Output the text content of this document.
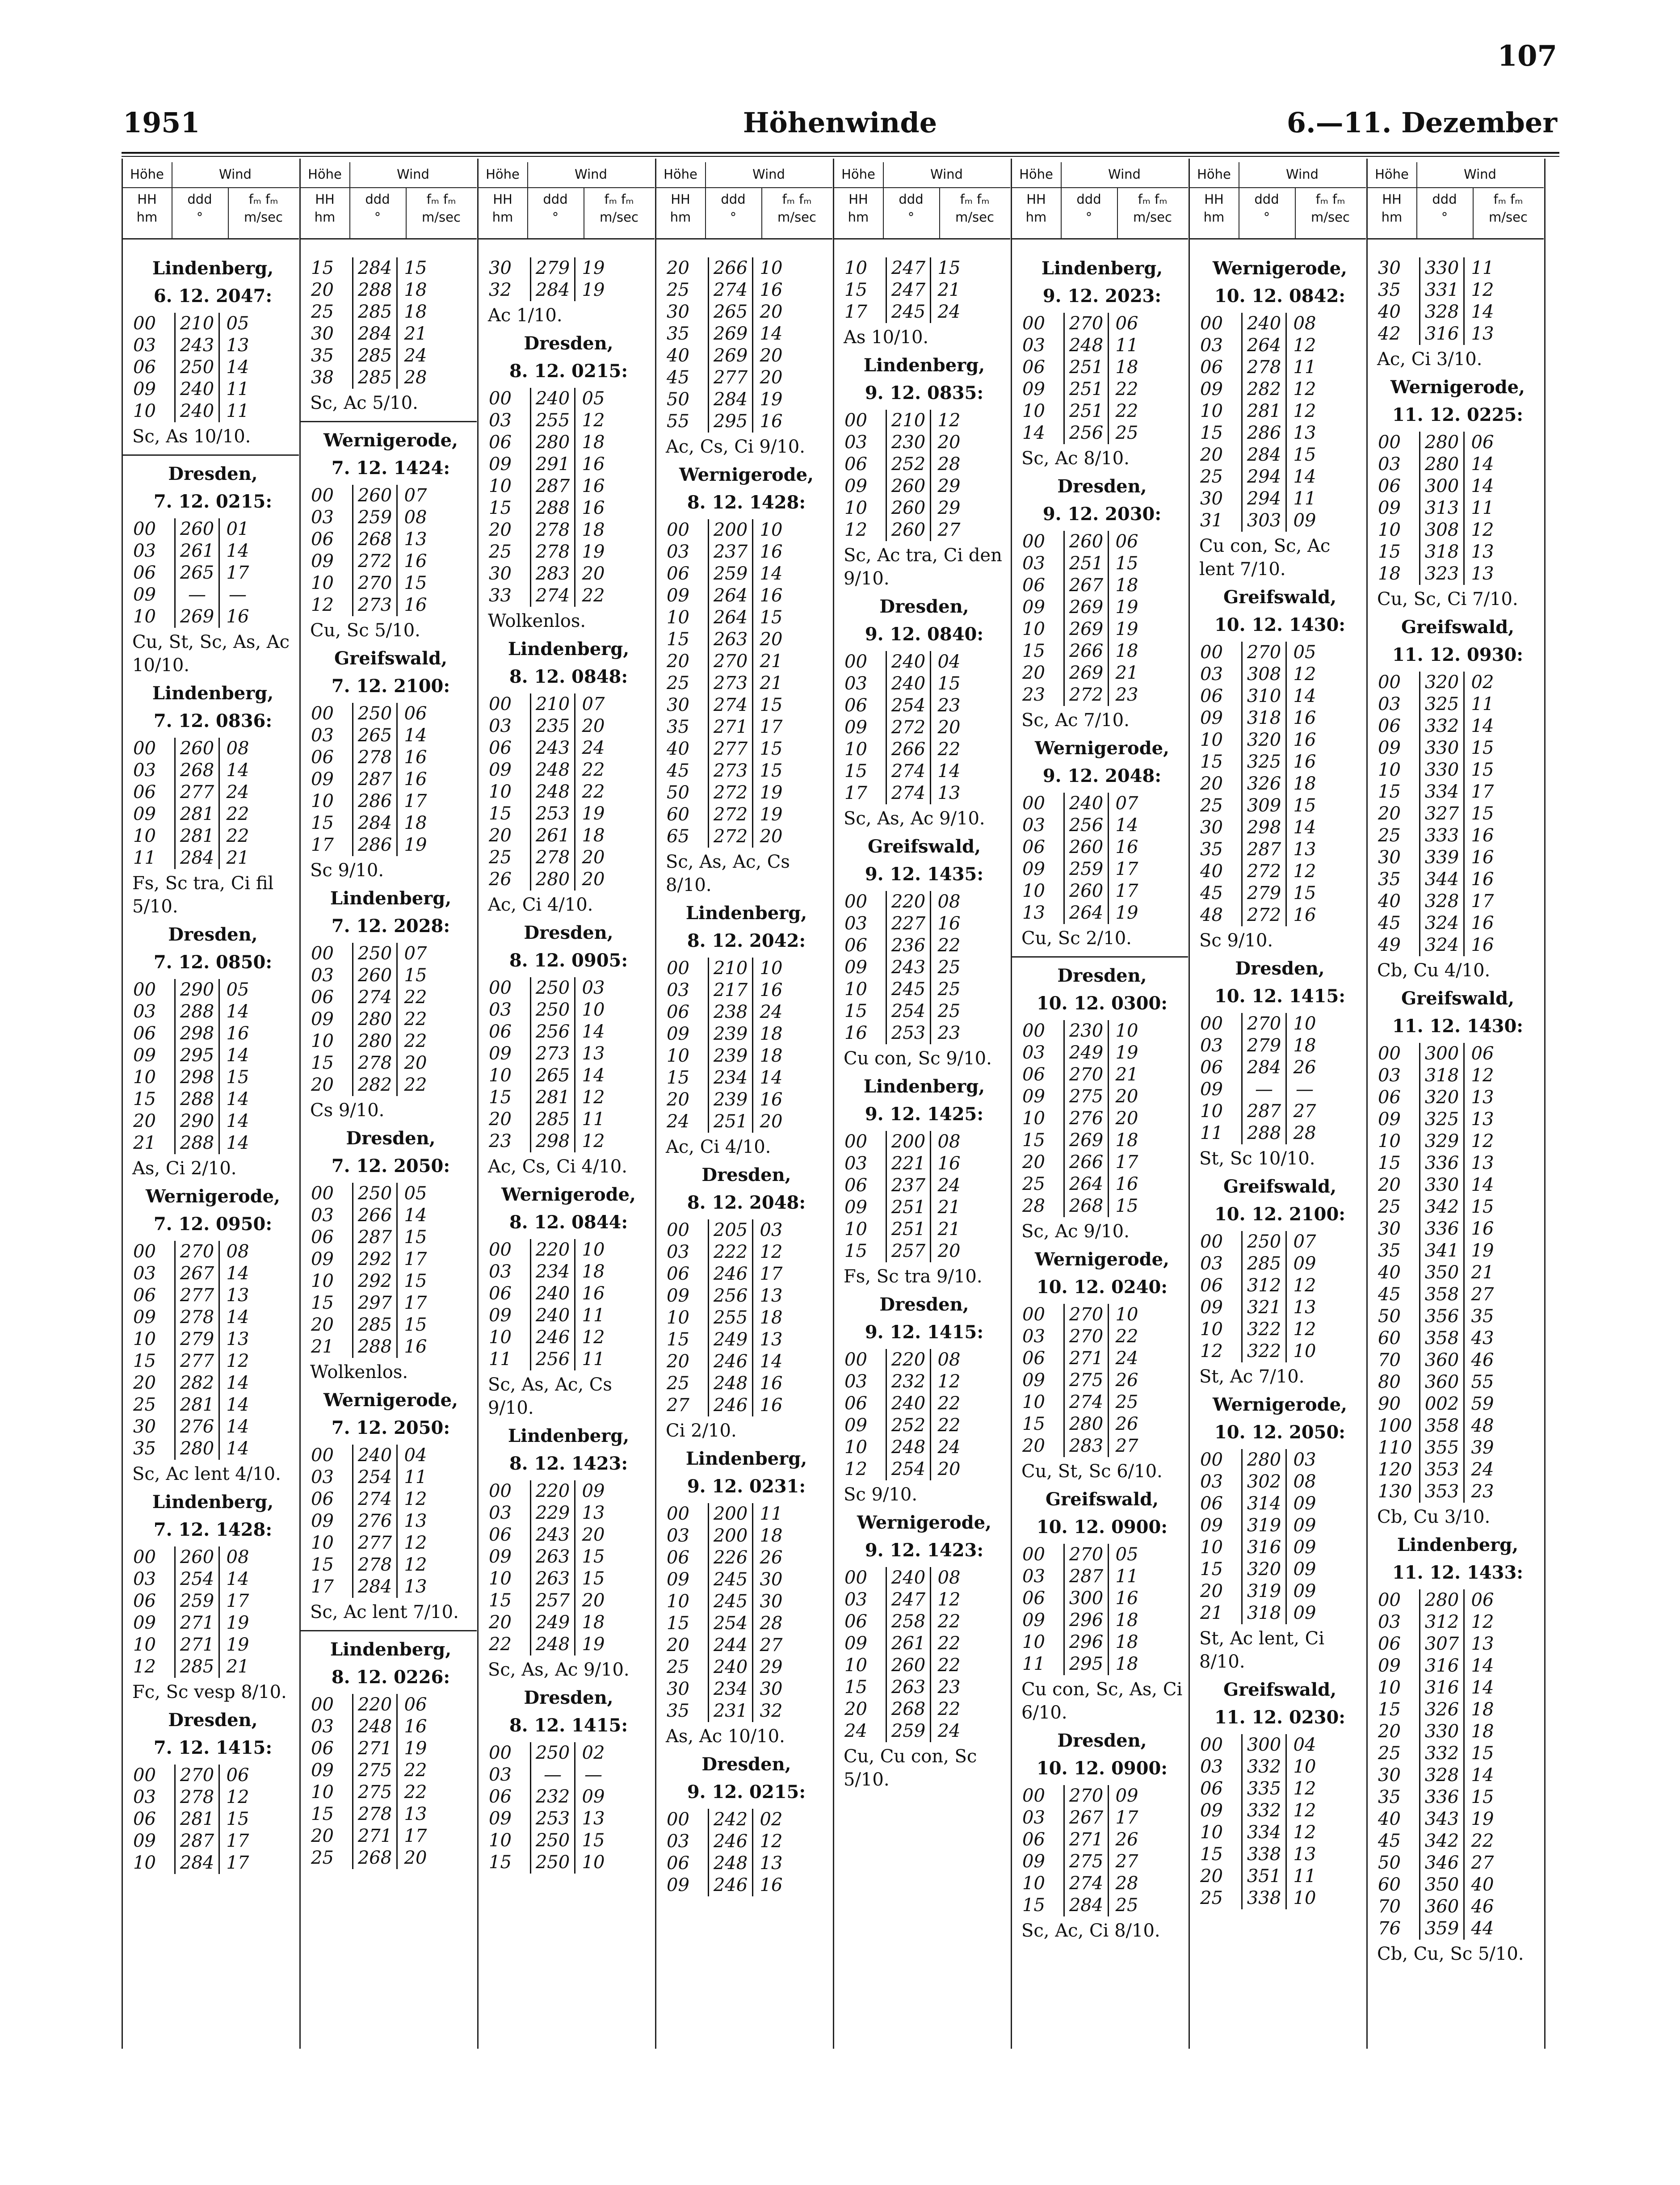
107
1951	Höhenwinde	6.—11. Dezember
Höhe	Wind
HH
hm
ddd
°
fₘ fₘ
m/sec
Lindenberg,
6. 12. 2047:
00	210 05
03	243 13
06	250 14
09	240 11
10	240 11
Sc, As 10/10.
Dresden,
7. 12. 0215:
00	260 01
03	261 14
06	265 17
09	—	—
10	269 16
Cu, St, Sc, As, Ac 10/10.
Lindenberg,
7. 12. 0836:
00	260 08
03	268 14
06	277 24
09	281 22
10	281 22
11	284 21
Fs, Sc tra, Ci fil 5/10.
Dresden,
7. 12. 0850:
00	290 05
03	288 14
06	298 16
09	295 14
10	298 15
15	288 14
20	290 14
21	288 14
As, Ci 2/10.
Wernigerode,
7. 12. 0950:
00	270 08
03	267 14
06	277 13
09	278 14
10	279 13
15	277 12
20	282 14
25	281 14
30	276 14
35	280 14
Sc, Ac lent 4/10.
Lindenberg,
7. 12. 1428:
00	260 08
03	254 14
06	259 17
09	271 19
10	271 19
12	285 21
Fc, Sc vesp 8/10.
Dresden,
7. 12. 1415:
00	270 06
03	278 12
06	281 15
09	287 17
10	284 17
Höhe	Wind
HH
hm
ddd
°
fₘ fₘ
m/sec
15	284 15
20	288 18
25	285 18
30	284 21
35	285 24
38	285 28
Sc, Ac 5/10.
Wernigerode,
7. 12. 1424:
00	260 07
03	259 08
06	268 13
09	272 16
10	270 15
12	273 16
Cu, Sc 5/10.
Greifswald,
7. 12. 2100:
00	250 06
03	265 14
06	278 16
09	287 16
10	286 17
15	284 18
17	286 19
Sc 9/10.
Lindenberg,
7. 12. 2028:
00	250 07
03	260 15
06	274 22
09	280 22
10	280 22
15	278 20
20	282 22
Cs 9/10.
Dresden,
7. 12. 2050:
00	250 05
03	266 14
06	287 15
09	292 17
10	292 15
15	297 17
20	285 15
21	288 16
Wolkenlos.
Wernigerode,
7. 12. 2050:
00	240 04
03	254 11
06	274 12
09	276 13
10	277 12
15	278 12
17	284 13
Sc, Ac lent 7/10.
Lindenberg,
8. 12. 0226:
00	220 06
03	248 16
06	271 19
09	275 22
10	275 22
15	278 13
20	271 17
25	268 20
Höhe	Wind
HH
hm
ddd
°
fₘ fₘ
m/sec
30	279 19
32	284 19
Ac 1/10.
Dresden,
8. 12. 0215:
00	240 05
03	255 12
06	280 18
09	291 16
10	287 16
15	288 16
20	278 18
25	278 19
30	283 20
33	274 22
Wolkenlos.
Lindenberg,
8. 12. 0848:
00	210 07
03	235 20
06	243 24
09	248 22
10	248 22
15	253 19
20	261 18
25	278 20
26	280 20
Ac, Ci 4/10.
Dresden,
8. 12. 0905:
00	250 03
03	250 10
06	256 14
09	273 13
10	265 14
15	281 12
20	285 11
23	298 12
Ac, Cs, Ci 4/10.
Wernigerode,
8. 12. 0844:
00	220 10
03	234 18
06	240 16
09	240 11
10	246 12
11	256 11
Sc, As, Ac, Cs 9/10.
Lindenberg,
8. 12. 1423:
00	220 09
03	229 13
06	243 20
09	263 15
10	263 15
15	257 20
20	249 18
22	248 19
Sc, As, Ac 9/10.
Dresden,
8. 12. 1415:
00	250 02
03	—	—
06	232 09
09	253 13
10	250 15
15	250 10
Höhe	Wind
HH
hm
ddd
°
fₘ fₘ
m/sec
20	266 10
25	274 16
30	265 20
35	269 14
40	269 20
45	277 20
50	284 19
55	295 16
Ac, Cs, Ci 9/10.
Wernigerode,
8. 12. 1428:
00	200 10
03	237 16
06	259 14
09	264 16
10	264 15
15	263 20
20	270 21
25	273 21
30	274 15
35	271 17
40	277 15
45	273 15
50	272 19
60	272 19
65	272 20
Sc, As, Ac, Cs 8/10.
Lindenberg,
8. 12. 2042:
00	210 10
03	217 16
06	238 24
09	239 18
10	239 18
15	234 14
20	239 16
24	251 20
Ac, Ci 4/10.
Dresden,
8. 12. 2048:
00	205 03
03	222 12
06	246 17
09	256 13
10	255 18
15	249 13
20	246 14
25	248 16
27	246 16
Ci 2/10.
Lindenberg,
9. 12. 0231:
00	200 11
03	200 18
06	226 26
09	245 30
10	245 30
15	254 28
20	244 27
25	240 29
30	234 30
35	231 32
As, Ac 10/10.
Dresden,
9. 12. 0215:
00	242 02
03	246 12
06	248 13
09	246 16
Höhe	Wind
HH
hm
ddd
°
fₘ fₘ
m/sec
10	247 15
15	247 21
17	245 24
As 10/10.
Lindenberg,
9. 12. 0835:
00	210 12
03	230 20
06	252 28
09	260 29
10	260 29
12	260 27
Sc, Ac tra, Ci den 9/10.
Dresden,
9. 12. 0840:
00	240 04
03	240 15
06	254 23
09	272 20
10	266 22
15	274 14
17	274 13
Sc, As, Ac 9/10.
Greifswald,
9. 12. 1435:
00	220 08
03	227 16
06	236 22
09	243 25
10	245 25
15	254 25
16	253 23
Cu con, Sc 9/10.
Lindenberg,
9. 12. 1425:
00	200 08
03	221 16
06	237 24
09	251 21
10	251 21
15	257 20
Fs, Sc tra 9/10.
Dresden,
9. 12. 1415:
00	220 08
03	232 12
06	240 22
09	252 22
10	248 24
12	254 20
Sc 9/10.
Wernigerode,
9. 12. 1423:
00	240 08
03	247 12
06	258 22
09	261 22
10	260 22
15	263 23
20	268 22
24	259 24
Cu, Cu con, Sc 5/10.
Höhe	Wind
HH
hm
ddd
°
fₘ fₘ
m/sec
Lindenberg,
9. 12. 2023:
00	270 06
03	248 11
06	251 18
09	251 22
10	251 22
14	256 25
Sc, Ac 8/10.
Dresden,
9. 12. 2030:
00	260 06
03	251 15
06	267 18
09	269 19
10	269 19
15	266 18
20	269 21
23	272 23
Sc, Ac 7/10.
Wernigerode,
9. 12. 2048:
00	240 07
03	256 14
06	260 16
09	259 17
10	260 17
13	264 19
Cu, Sc 2/10.
Dresden,
10. 12. 0300:
00	230 10
03	249 19
06	270 21
09	275 20
10	276 20
15	269 18
20	266 17
25	264 16
28	268 15
Sc, Ac 9/10.
Wernigerode,
10. 12. 0240:
00	270 10
03	270 22
06	271 24
09	275 26
10	274 25
15	280 26
20	283 27
Cu, St, Sc 6/10.
Greifswald,
10. 12. 0900:
00	270 05
03	287 11
06	300 16
09	296 18
10	296 18
11	295 18
Cu con, Sc, As, Ci 6/10.
Dresden,
10. 12. 0900:
00	270 09
03	267 17
06	271 26
09	275 27
10	274 28
15	284 25
Sc, Ac, Ci 8/10.
Höhe	Wind
HH
hm
ddd
°
fₘ fₘ
m/sec
Wernigerode,
10. 12. 0842:
00	240 08
03	264 12
06	278 11
09	282 12
10	281 12
15	286 13
20	284 15
25	294 14
30	294 11
31	303 09
Cu con, Sc, Ac lent 7/10.
Greifswald,
10. 12. 1430:
00	270 05
03	308 12
06	310 14
09	318 16
10	320 16
15	325 16
20	326 18
25	309 15
30	298 14
35	287 13
40	272 12
45	279 15
48	272 16
Sc 9/10.
Dresden,
10. 12. 1415:
00	270 10
03	279 18
06	284 26
09	—	—
10	287 27
11	288 28
St, Sc 10/10.
Greifswald,
10. 12. 2100:
00	250 07
03	285 09
06	312 12
09	321 13
10	322 12
12	322 10
St, Ac 7/10.
Wernigerode,
10. 12. 2050:
00	280 03
03	302 08
06	314 09
09	319 09
10	316 09
15	320 09
20	319 09
21	318 09
St, Ac lent, Ci 8/10.
Greifswald,
11. 12. 0230:
00	300 04
03	332 10
06	335 12
09	332 12
10	334 12
15	338 13
20	351 11
25	338 10
Höhe	Wind
HH
hm
ddd
°
fₘ fₘ
m/sec
30	330 11
35	331 12
40	328 14
42	316 13
Ac, Ci 3/10.
Wernigerode,
11. 12. 0225:
00	280 06
03	280 14
06	300 14
09	313 11
10	308 12
15	318 13
18	323 13
Cu, Sc, Ci 7/10.
Greifswald,
11. 12. 0930:
00	320 02
03	325 11
06	332 14
09	330 15
10	330 15
15	334 17
20	327 15
25	333 16
30	339 16
35	344 16
40	328 17
45	324 16
49	324 16
Cb, Cu 4/10.
Greifswald,
11. 12. 1430:
00	300 06
03	318 12
06	320 13
09	325 13
10	329 12
15	336 13
20	330 14
25	342 15
30	336 16
35	341 19
40	350 21
45	358 27
50	356 35
60	358 43
70	360 46
80	360 55
90	002 59
100 358 48
110 355 39
120 353 24
130 353 23
Cb, Cu 3/10.
Lindenberg,
11. 12. 1433:
00	280 06
03	312 12
06	307 13
09	316 14
10	316 14
15	326 18
20	330 18
25	332 15
30	328 14
35	336 15
40	343 19
45	342 22
50	346 27
60	350 40
70	360 46
76	359 44
Cb, Cu, Sc 5/10.
